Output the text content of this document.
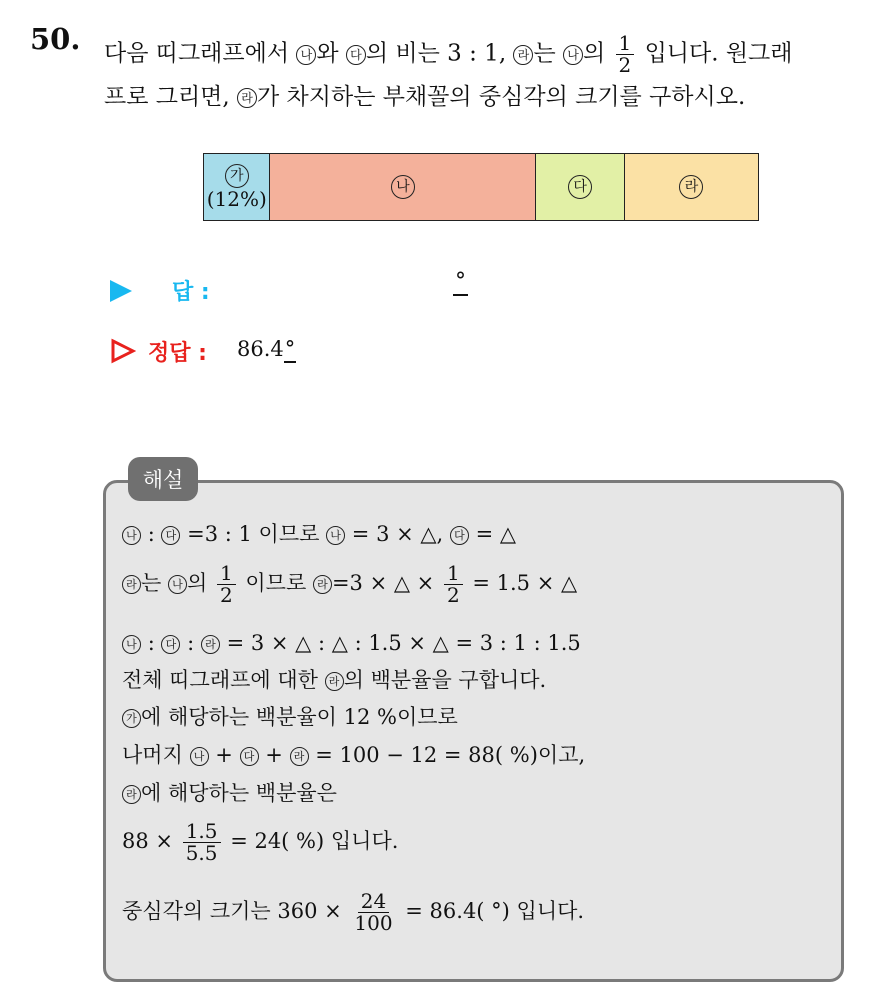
50. 다음 띠그래프에서 나 와 다 의 비는 3 : 1, 라 는 나 의 $\frac{1}{2}$ 입니다. 원그래
프로 그리면, 라 가 차지하는 부채꼴의 중심각의 크기를 구하시오.
가
(12%)	나	다	라
답 :	°
정답 : 86.4°
해설
나 : 다 =3 : 1 이므로 나 = 3 × △, 다 = △
라 는 나 의 $\frac{1}{2}$ 이므로 라 =3 × △ × $\frac{1}{2} = 1.5$ × △
나 : 다 : 라 = 3 × △ : △ : 1.5 × △ = 3 : 1 : 1.5
전체 띠그래프에 대한 라 의 백분율을 구합니다.
가 에 해당하는 백분율이 12 %이므로
나머지 나 + 다 + 라 = 100 − 12 = 88( %)이고,
라 에 해당하는 백분율은
$88 \times \frac{1.5}{5.5} = 24$( %) 입니다.
중심각의 크기는 $360 \times \frac{24}{100} = 86.4$( °) 입니다.
